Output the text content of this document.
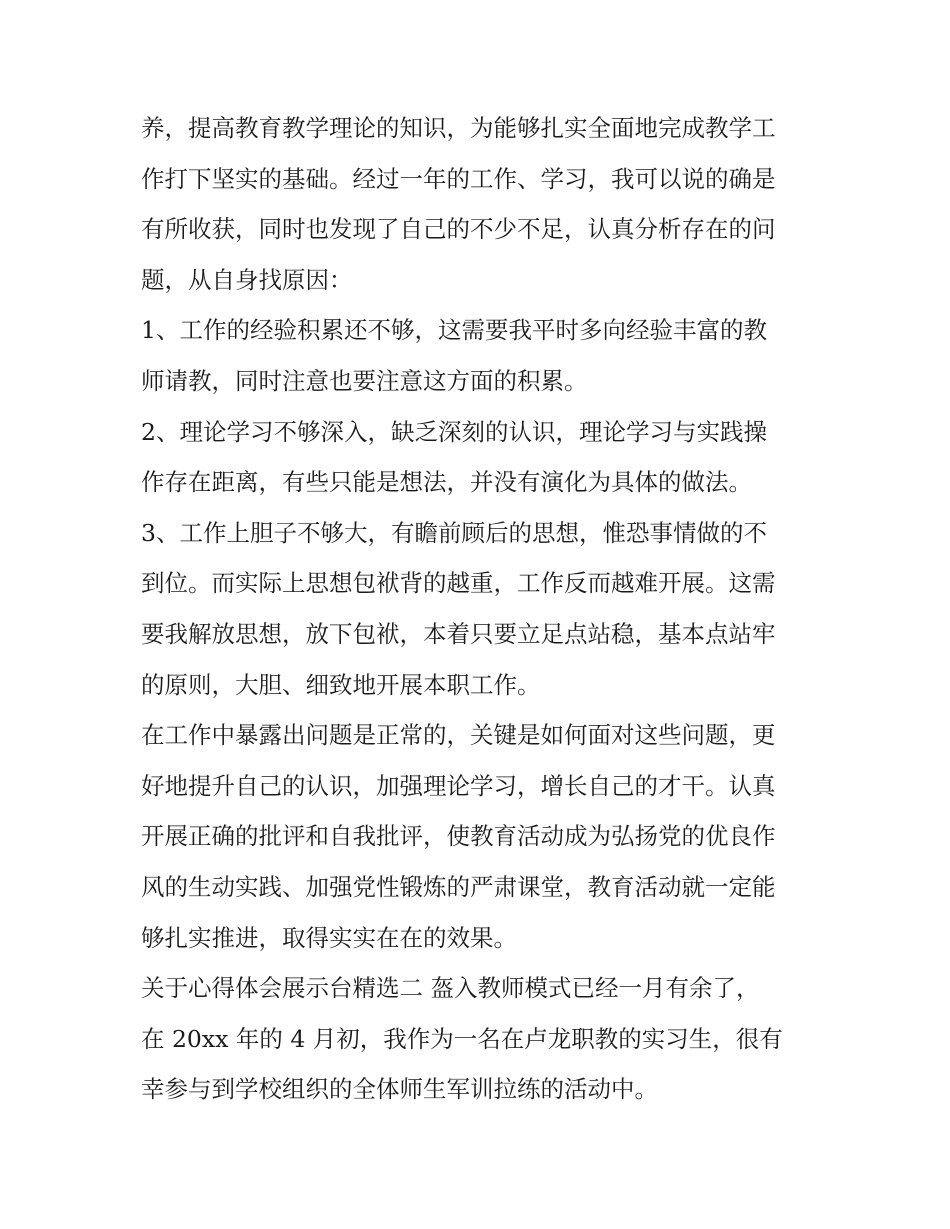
养，提高教育教学理论的知识，为能够扎实全面地完成教学工
作打下坚实的基础。经过一年的工作、学习，我可以说的确是
有所收获，同时也发现了自己的不少不足，认真分析存在的问
题，从自身找原因：
1、工作的经验积累还不够，这需要我平时多向经验丰富的教
师请教，同时注意也要注意这方面的积累。
2、理论学习不够深入，缺乏深刻的认识，理论学习与实践操
作存在距离，有些只能是想法，并没有演化为具体的做法。
3、工作上胆子不够大，有瞻前顾后的思想，惟恐事情做的不
到位。而实际上思想包袱背的越重，工作反而越难开展。这需
要我解放思想，放下包袱，本着只要立足点站稳，基本点站牢
的原则，大胆、细致地开展本职工作。
在工作中暴露出问题是正常的，关键是如何面对这些问题，更
好地提升自己的认识，加强理论学习，增长自己的才干。认真
开展正确的批评和自我批评，使教育活动成为弘扬党的优良作
风的生动实践、加强党性锻炼的严肃课堂，教育活动就一定能
够扎实推进，取得实实在在的效果。
关于心得体会展示台精选二 盔入教师模式已经一月有余了，
在 20xx 年的 4 月初，我作为一名在卢龙职教的实习生，很有
幸参与到学校组织的全体师生军训拉练的活动中。
